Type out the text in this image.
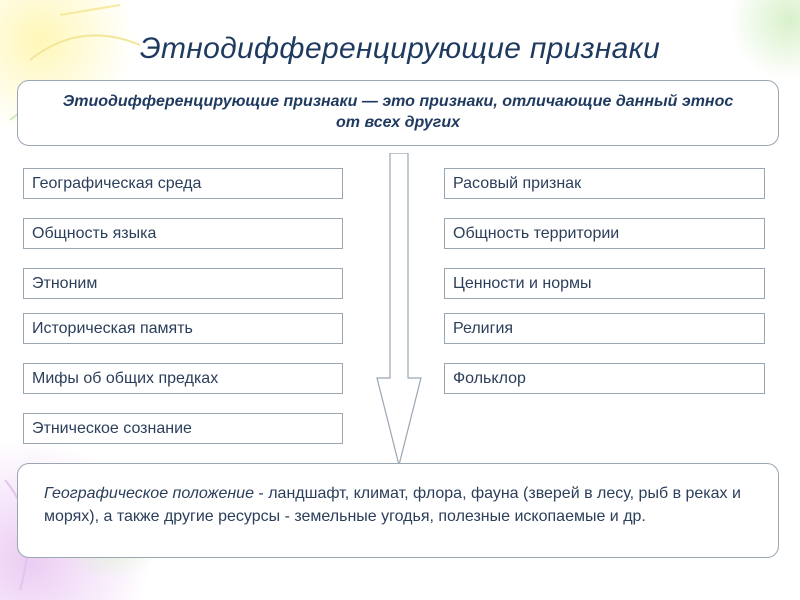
Этнодифференцирующие признаки
Этиодифференцирующие признаки — это признаки, отличающие данный этнос от всех других
Географическая среда
Общность языка
Этноним
Историческая память
Мифы об общих предках
Этническое сознание
Расовый признак
Общность территории
Ценности и нормы
Религия
Фольклор
Географическое положение - ландшафт, климат, флора, фауна (зверей в лесу, рыб в реках и морях), а также другие ресурсы - земельные угодья, полезные ископаемые и др.
